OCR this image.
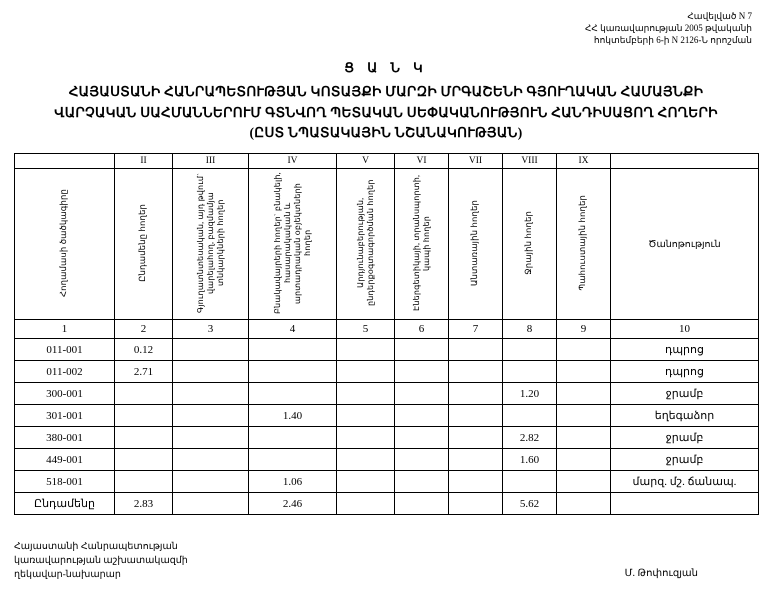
Հավելված N 7
ՀՀ կառավարության 2005 թվականի
հոկտեմբերի 6-ի N 2126-Ն որոշման
Ց Ա Ն Կ
ՀԱՅԱՍՏԱՆԻ ՀԱՆՐԱՊԵՏՈՒԹՅԱՆ ԿՈՏԱՅՔԻ ՄԱՐԶԻ ՄՐԳԱՇԵՆԻ ԳՅՈՒՂԱԿԱՆ ՀԱՄԱՅՆՔԻ
ՎԱՐՉԱԿԱՆ ՍԱՀՄԱՆՆԵՐՈՒՄ ԳՏՆՎՈՂ ՊԵՏԱԿԱՆ ՍԵՓԱԿԱՆՈՒԹՅՈՒՆ ՀԱՆԴԻՍԱՑՈՂ ՀՈՂԵՐԻ
(ԸՍՏ ՆՊԱՏԱԿԱՅԻՆ ՆՇԱՆԱԿՈՒԹՅԱՆ)
	II	III	IV	V	VI	VII	VIII	IX	
Հողամասի ծածկագիրը	Ընդամենը հողեր	Գյուղատնտեսական, այդ թվում` վարելահող, բազմամյա տնկարկների հողեր	Բնակավայրերի հողեր` բնակելի, հասարակական և արտադրական օբյեկտների հողեր	Արդյունաբերության, ընդերքօգտագործման հողեր	Էներգետիկայի, տրանսպորտի, կապի հողեր	Անտառային հողեր	Ջրային հողեր	Պահուստային հողեր	Ծանոթություն
1	2	3	4	5	6	7	8	9	10
011-001	0.12								դպրոց
011-002	2.71								դպրոց
300-001							1.20		ջրամբ
301-001			1.40						եղեգաձոր
380-001							2.82		ջրամբ
449-001							1.60		ջրամբ
518-001			1.06						մարզ. մշ. ճանապ.
Ընդամենը	2.83		2.46				5.62		
Հայաստանի Հանրապետության
կառավարության աշխատակազմի
ղեկավար-նախարար	Մ. Թոփուզյան
